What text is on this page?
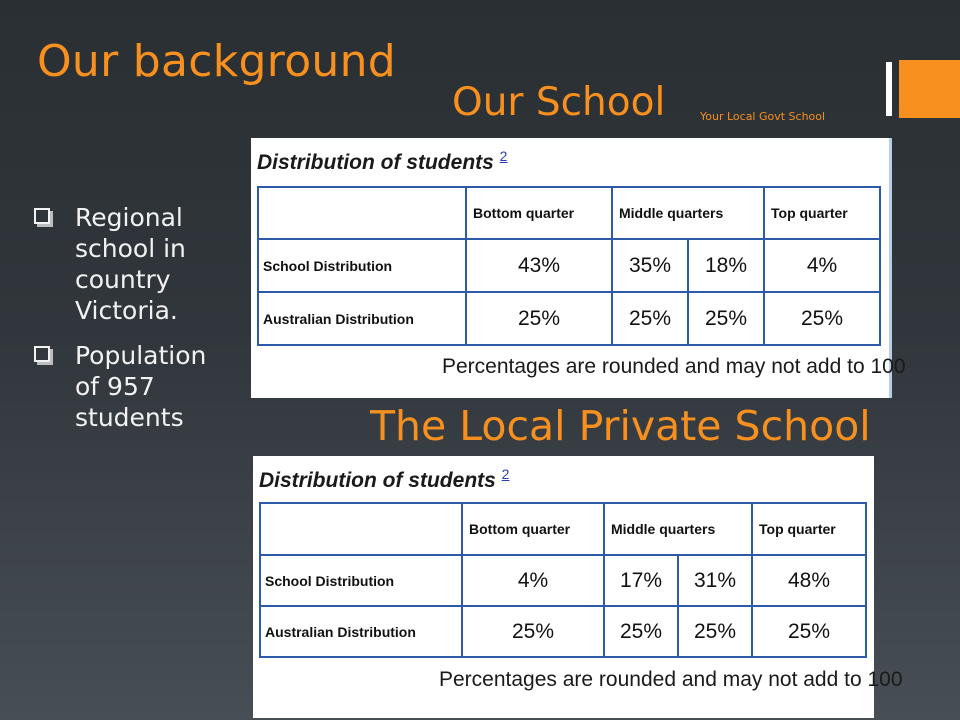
Our background
Our School	Your Local Govt School
Regional school in country Victoria.
Population of 957 students
Distribution of students $^2$
	Bottom quarter	Middle quarters		Top quarter
School Distribution	43%	35%	18%	4%
Australian Distribution	25%	25%	25%	25%
Percentages are rounded and may not add to 100
The Local Private School
Distribution of students $^2$
	Bottom quarter	Middle quarters		Top quarter
School Distribution	4%	17%	31%	48%
Australian Distribution	25%	25%	25%	25%
Percentages are rounded and may not add to 100
